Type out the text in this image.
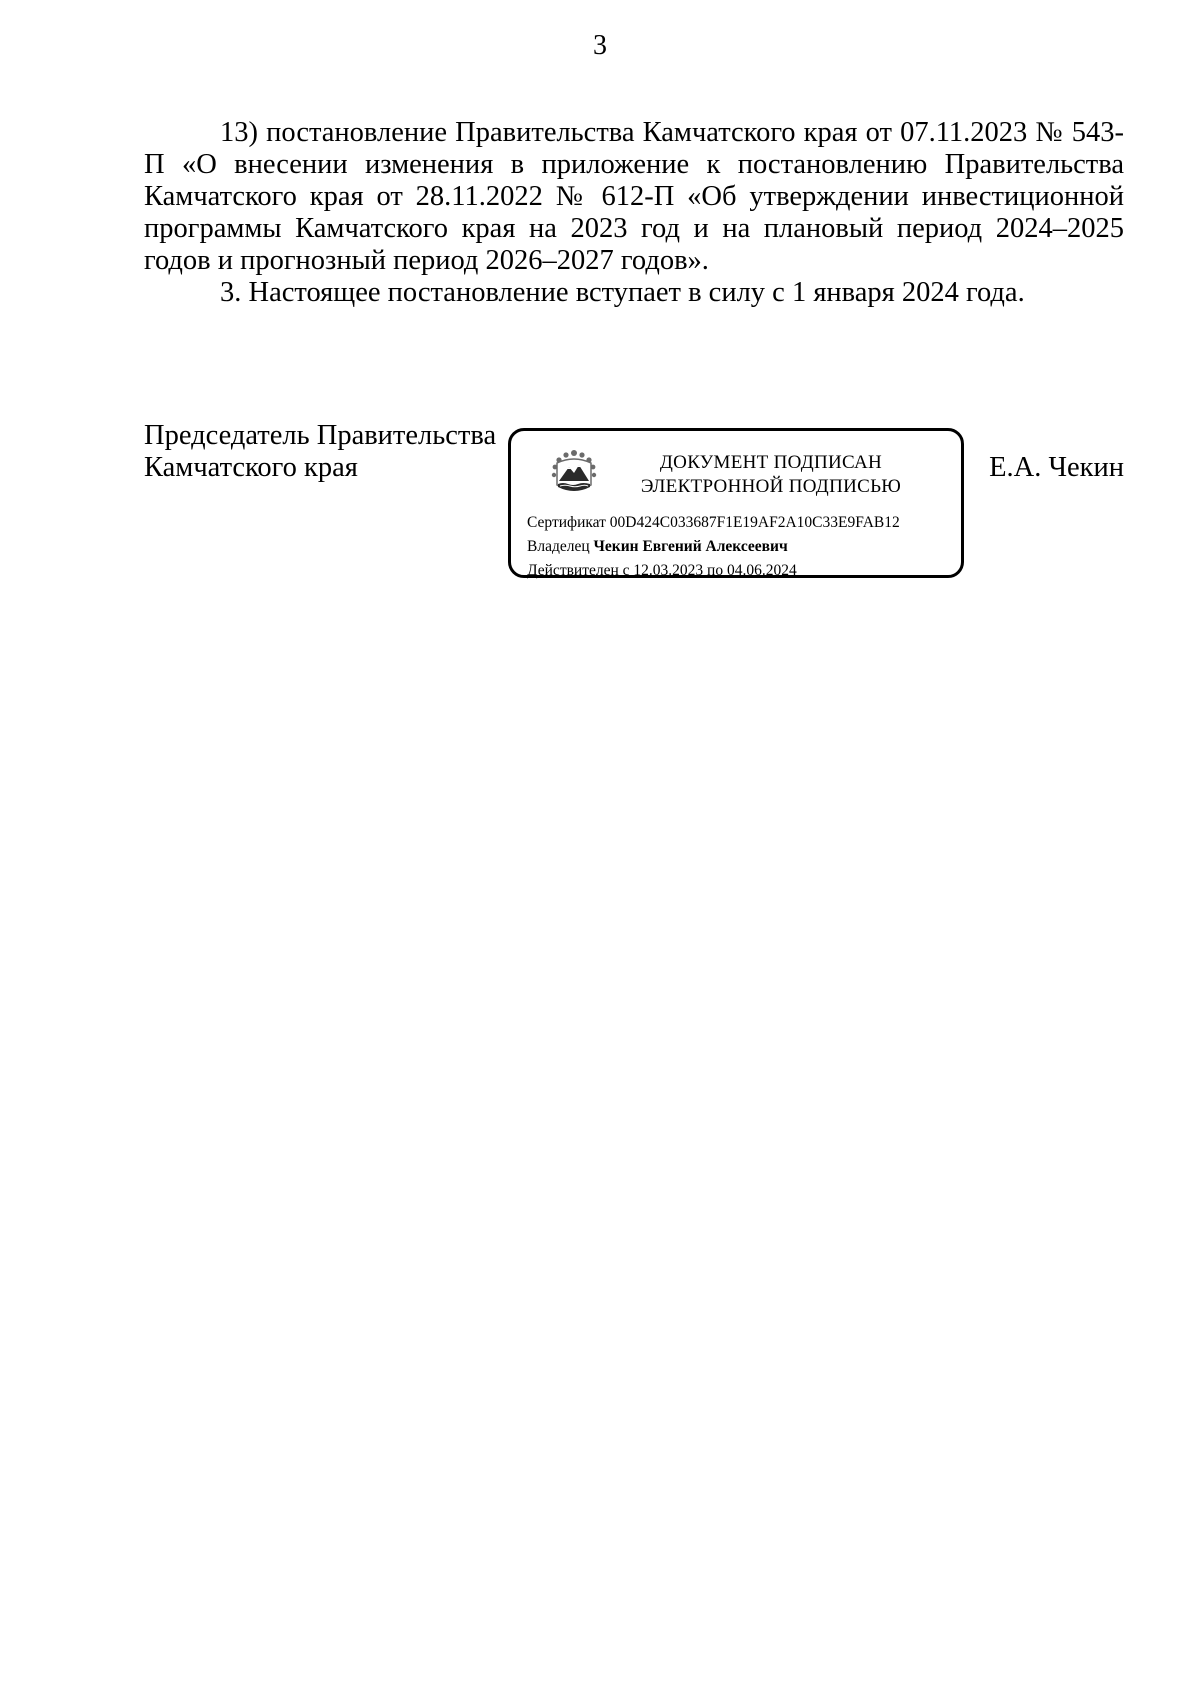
3

13) постановление Правительства Камчатского края от 07.11.2023 № 543-П «О внесении изменения в приложение к постановлению Правительства Камчатского края от 28.11.2022 № 612-П «Об утверждении инвестиционной программы Камчатского края на 2023 год и на плановый период 2024–2025 годов и прогнозный период 2026–2027 годов».

3. Настоящее постановление вступает в силу с 1 января 2024 года.

Председатель Правительства
Камчатского края	ДОКУМЕНТ ПОДПИСАН
ЭЛЕКТРОННОЙ ПОДПИСЬЮ
Сертификат 00D424C033687F1E19AF2A10C33E9FAB12
Владелец Чекин Евгений Алексеевич
Действителен с 12.03.2023 по 04.06.2024
Е.А. Чекин
